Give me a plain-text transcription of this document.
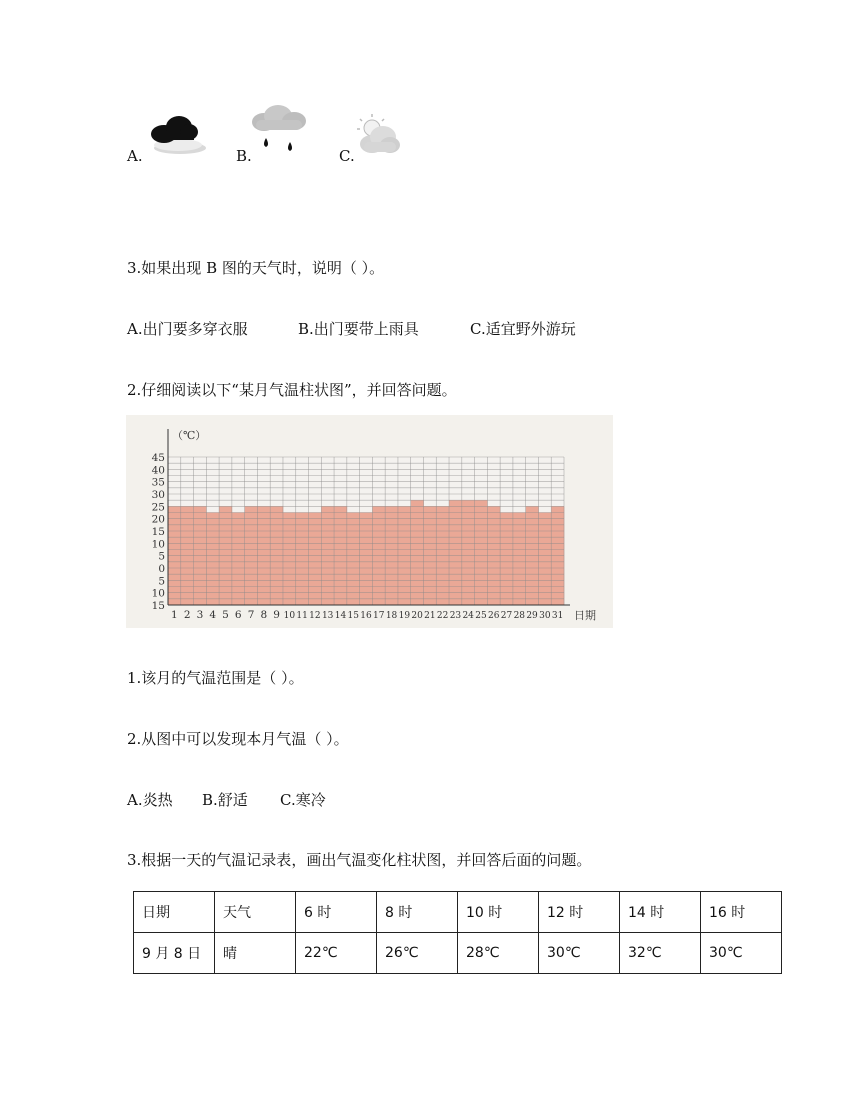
A.	B.	C.
3.如果出现 B 图的天气时，说明（ ）。
A.出门要多穿衣服	B.出门要带上雨具	C.适宜野外游玩
2.仔细阅读以下“某月气温柱状图”，并回答问题。
（℃）
45
40
35
30
25
20
15
10
5
0
5
10
15
1 2 3 4 5 6 7 8 9 10 11 12 13 14 15 16 17 18 19 20 21 22 23 24 25 26 27 28 29 30 31 日期
1.该月的气温范围是（ ）。
2.从图中可以发现本月气温（ ）。
A.炎热 B.舒适 C.寒冷
3.根据一天的气温记录表，画出气温变化柱状图，并回答后面的问题。
日期	天气	6 时	8 时	10 时	12 时	14 时	16 时
9 月 8 日	晴	22℃	26℃	28℃	30℃	32℃	30℃
